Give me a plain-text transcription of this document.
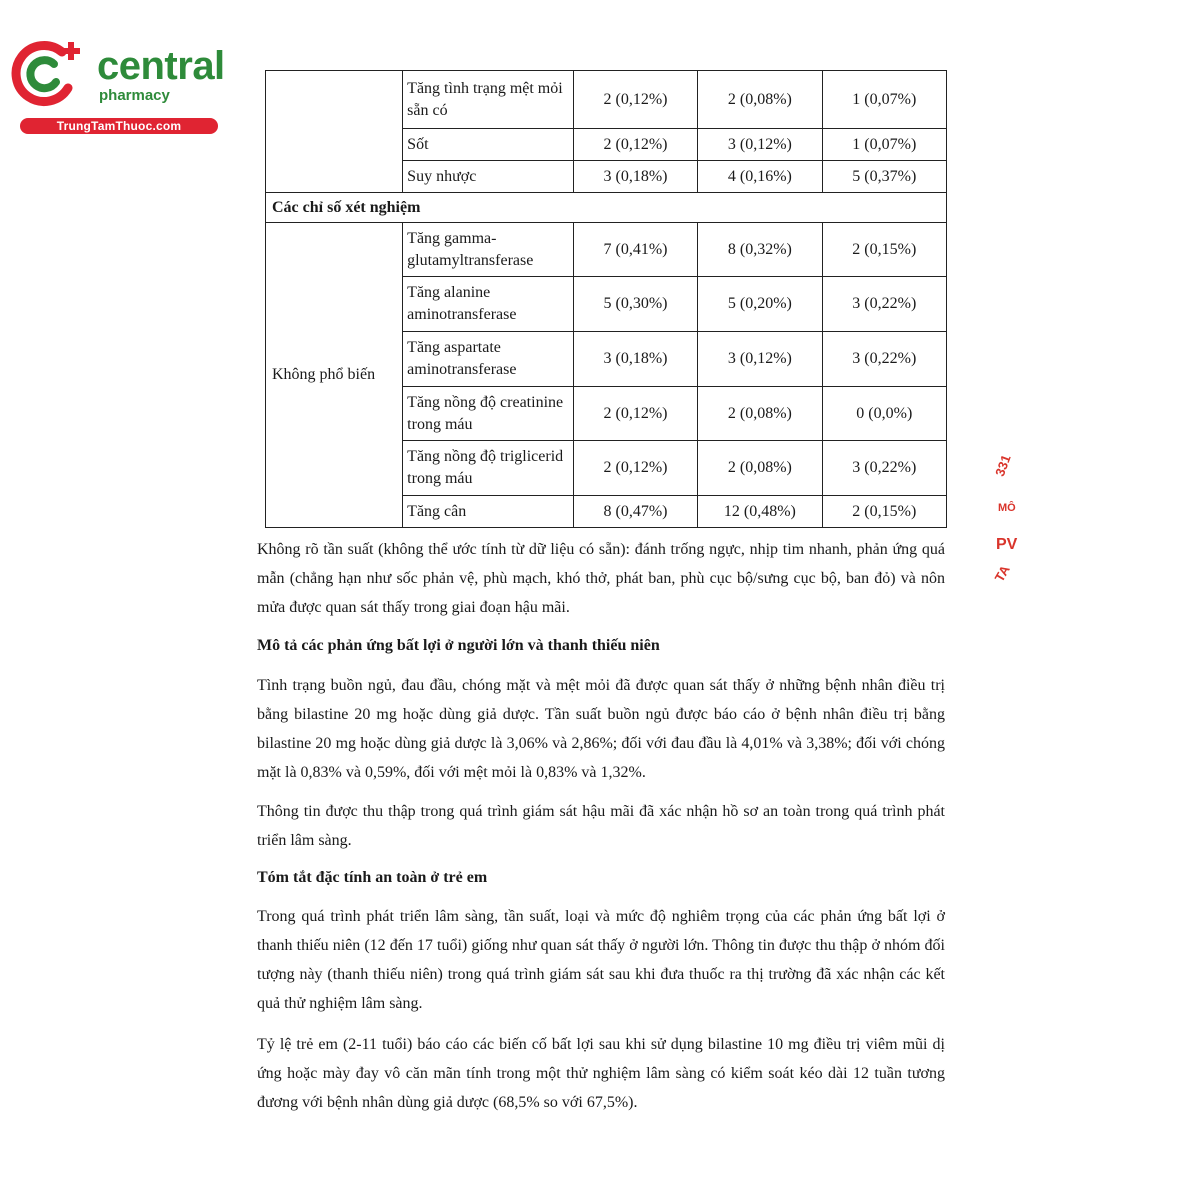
central
pharmacy
TrungTamThuoc.com
	Tăng tình trạng mệt mỏi sẵn có	2 (0,12%)	2 (0,08%)	1 (0,07%)
	Sốt	2 (0,12%)	3 (0,12%)	1 (0,07%)
	Suy nhược	3 (0,18%)	4 (0,16%)	5 (0,37%)
Các chỉ số xét nghiệm				
Không phổ biến	Tăng gamma-glutamyltransferase	7 (0,41%)	8 (0,32%)	2 (0,15%)
	Tăng alanine aminotransferase	5 (0,30%)	5 (0,20%)	3 (0,22%)
	Tăng aspartate aminotransferase	3 (0,18%)	3 (0,12%)	3 (0,22%)
	Tăng nồng độ creatinine trong máu	2 (0,12%)	2 (0,08%)	0 (0,0%)
	Tăng nồng độ triglicerid trong máu	2 (0,12%)	2 (0,08%)	3 (0,22%)
	Tăng cân	8 (0,47%)	12 (0,48%)	2 (0,15%)

Không rõ tần suất (không thể ước tính từ dữ liệu có sẵn): đánh trống ngực, nhịp tim nhanh, phản ứng quá mẫn (chẳng hạn như sốc phản vệ, phù mạch, khó thở, phát ban, phù cục bộ/sưng cục bộ, ban đỏ) và nôn mửa được quan sát thấy trong giai đoạn hậu mãi.

Mô tả các phản ứng bất lợi ở người lớn và thanh thiếu niên

Tình trạng buồn ngủ, đau đầu, chóng mặt và mệt mỏi đã được quan sát thấy ở những bệnh nhân điều trị bằng bilastine 20 mg hoặc dùng giả dược. Tần suất buồn ngủ được báo cáo ở bệnh nhân điều trị bằng bilastine 20 mg hoặc dùng giả dược là 3,06% và 2,86%; đối với đau đầu là 4,01% và 3,38%; đối với chóng mặt là 0,83% và 0,59%, đối với mệt mỏi là 0,83% và 1,32%.

Thông tin được thu thập trong quá trình giám sát hậu mãi đã xác nhận hồ sơ an toàn trong quá trình phát triển lâm sàng.

Tóm tắt đặc tính an toàn ở trẻ em

Trong quá trình phát triển lâm sàng, tần suất, loại và mức độ nghiêm trọng của các phản ứng bất lợi ở thanh thiếu niên (12 đến 17 tuổi) giống như quan sát thấy ở người lớn. Thông tin được thu thập ở nhóm đối tượng này (thanh thiếu niên) trong quá trình giám sát sau khi đưa thuốc ra thị trường đã xác nhận các kết quả thử nghiệm lâm sàng.

Tỷ lệ trẻ em (2-11 tuổi) báo cáo các biến cố bất lợi sau khi sử dụng bilastine 10 mg điều trị viêm mũi dị ứng hoặc mày đay vô căn mãn tính trong một thử nghiệm lâm sàng có kiểm soát kéo dài 12 tuần tương đương với bệnh nhân dùng giả dược (68,5% so với 67,5%).

331
MÔ
PV
TA
